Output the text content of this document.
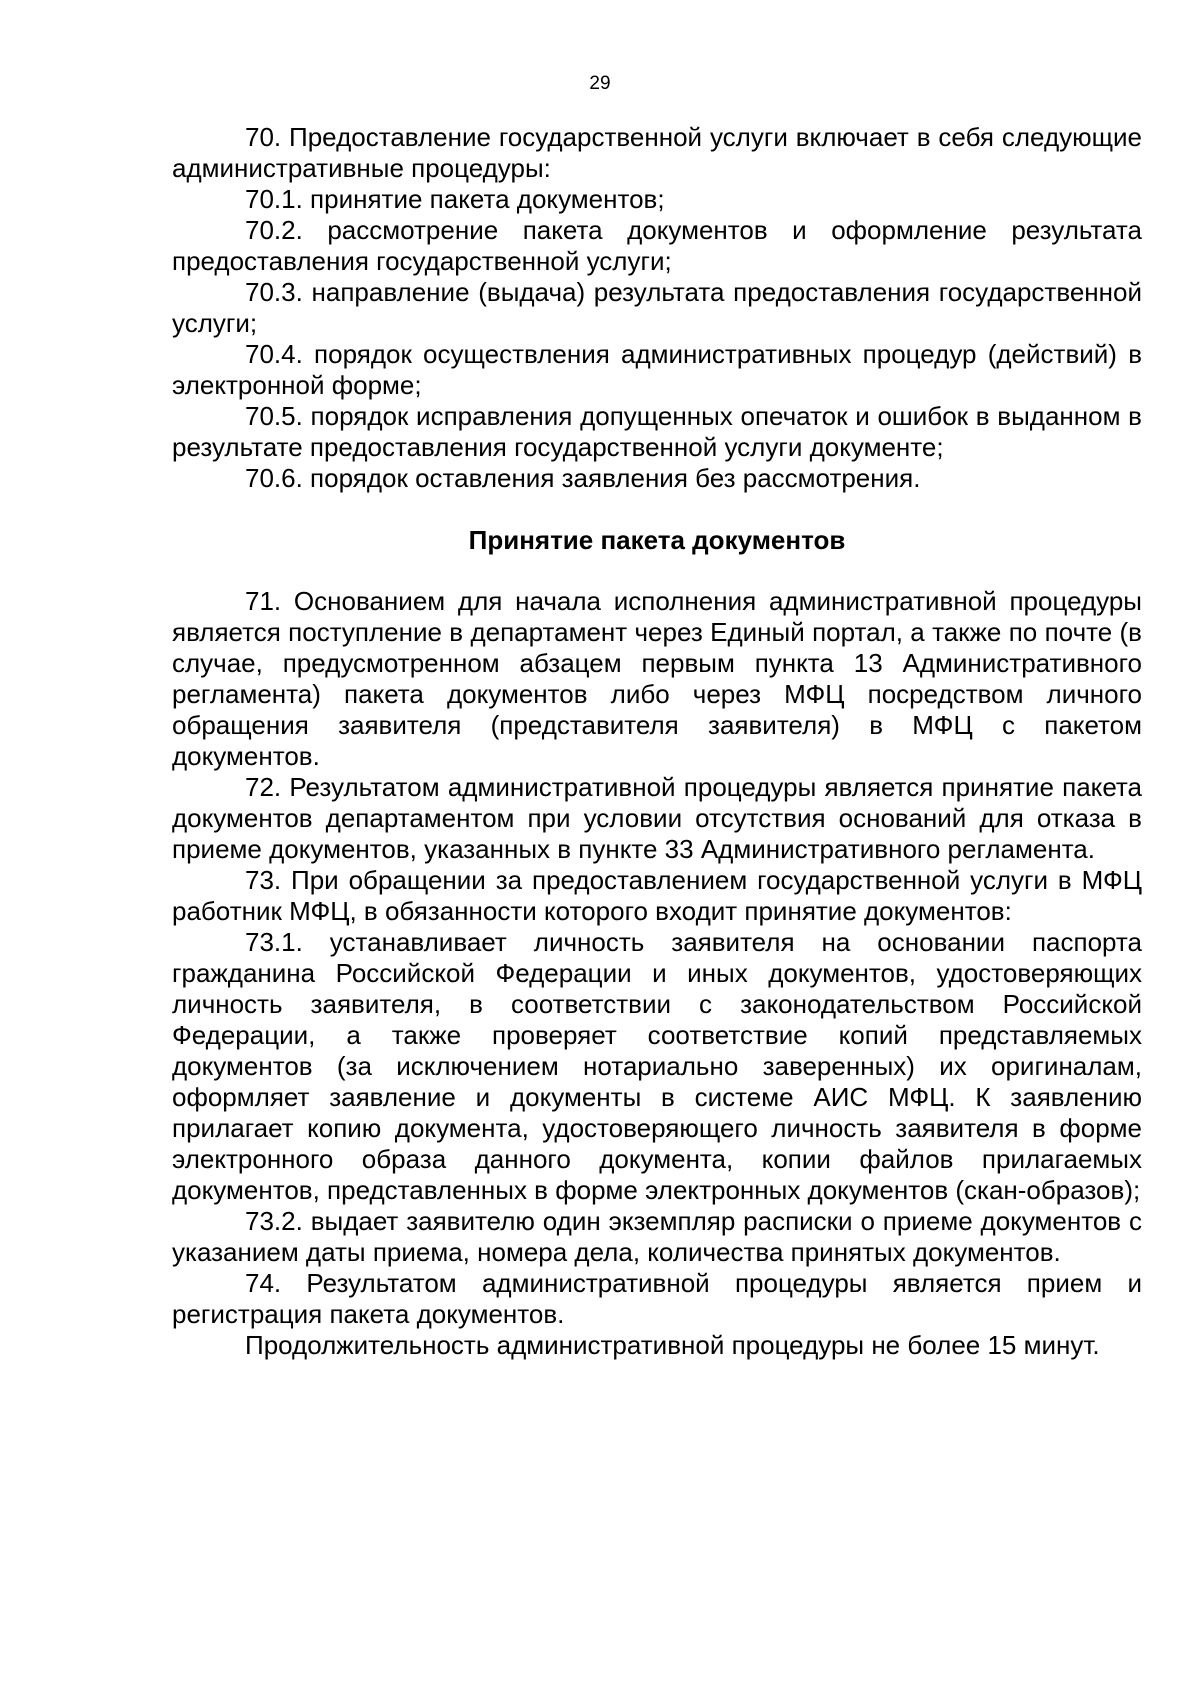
29

70. Предоставление государственной услуги включает в себя следующие административные процедуры:

70.1. принятие пакета документов;

70.2. рассмотрение пакета документов и оформление результата предоставления государственной услуги;

70.3. направление (выдача) результата предоставления государственной услуги;

70.4. порядок осуществления административных процедур (действий) в электронной форме;

70.5. порядок исправления допущенных опечаток и ошибок в выданном в результате предоставления государственной услуги документе;

70.6. порядок оставления заявления без рассмотрения.

Принятие пакета документов

71. Основанием для начала исполнения административной процедуры является поступление в департамент через Единый портал, а также по почте (в случае, предусмотренном абзацем первым пункта 13 Административного регламента) пакета документов либо через МФЦ посредством личного обращения заявителя (представителя заявителя) в МФЦ с пакетом документов.

72. Результатом административной процедуры является принятие пакета документов департаментом при условии отсутствия оснований для отказа в приеме документов, указанных в пункте 33 Административного регламента.

73. При обращении за предоставлением государственной услуги в МФЦ работник МФЦ, в обязанности которого входит принятие документов:

73.1. устанавливает личность заявителя на основании паспорта гражданина Российской Федерации и иных документов, удостоверяющих личность заявителя, в соответствии с законодательством Российской Федерации, а также проверяет соответствие копий представляемых документов (за исключением нотариально заверенных) их оригиналам, оформляет заявление и документы в системе АИС МФЦ. К заявлению прилагает копию документа, удостоверяющего личность заявителя в форме электронного образа данного документа, копии файлов прилагаемых документов, представленных в форме электронных документов (скан-образов);

73.2. выдает заявителю один экземпляр расписки о приеме документов с указанием даты приема, номера дела, количества принятых документов.

74. Результатом административной процедуры является прием и регистрация пакета документов.

Продолжительность административной процедуры не более 15 минут.
